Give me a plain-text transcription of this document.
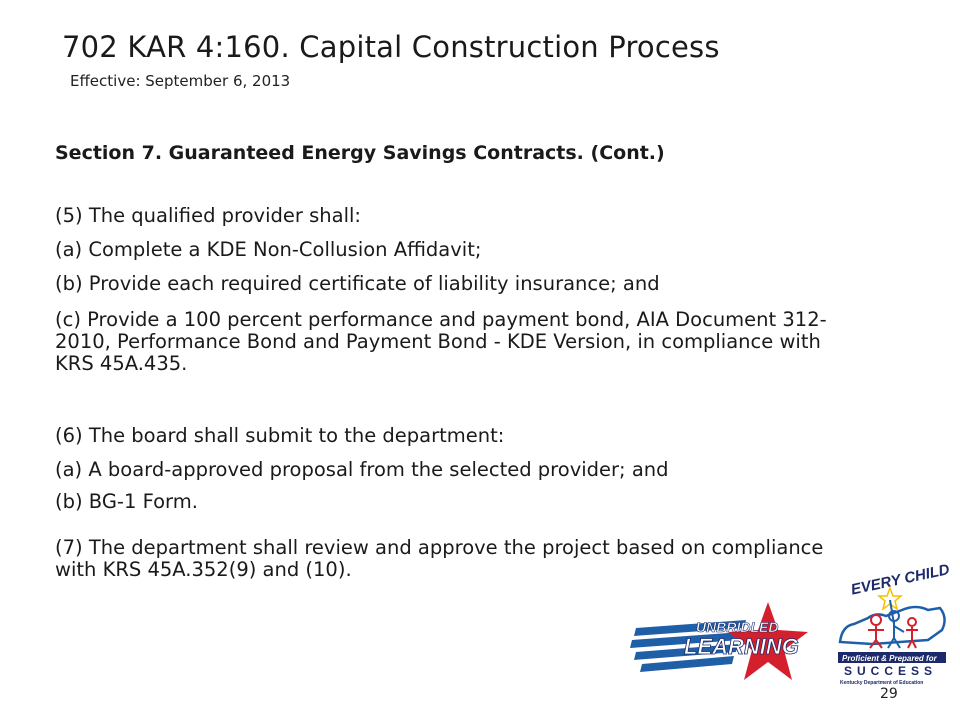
702 KAR 4:160. Capital Construction Process
Effective: September 6, 2013
Section 7. Guaranteed Energy Savings Contracts. (Cont.)
(5) The qualified provider shall:
(a) Complete a KDE Non-Collusion Affidavit;
(b) Provide each required certificate of liability insurance; and
(c) Provide a 100 percent performance and payment bond, AIA Document 312-2010, Performance Bond and Payment Bond - KDE Version, in compliance with KRS 45A.435.
(6) The board shall submit to the department:
(a) A board-approved proposal from the selected provider; and
(b) BG-1 Form.
(7) The department shall review and approve the project based on compliance with KRS 45A.352(9) and (10).
UNBRIDLED
LEARNING
EVERY CHILD
Proficient & Prepared for
SUCCESS
Kentucky Department of Education
29
